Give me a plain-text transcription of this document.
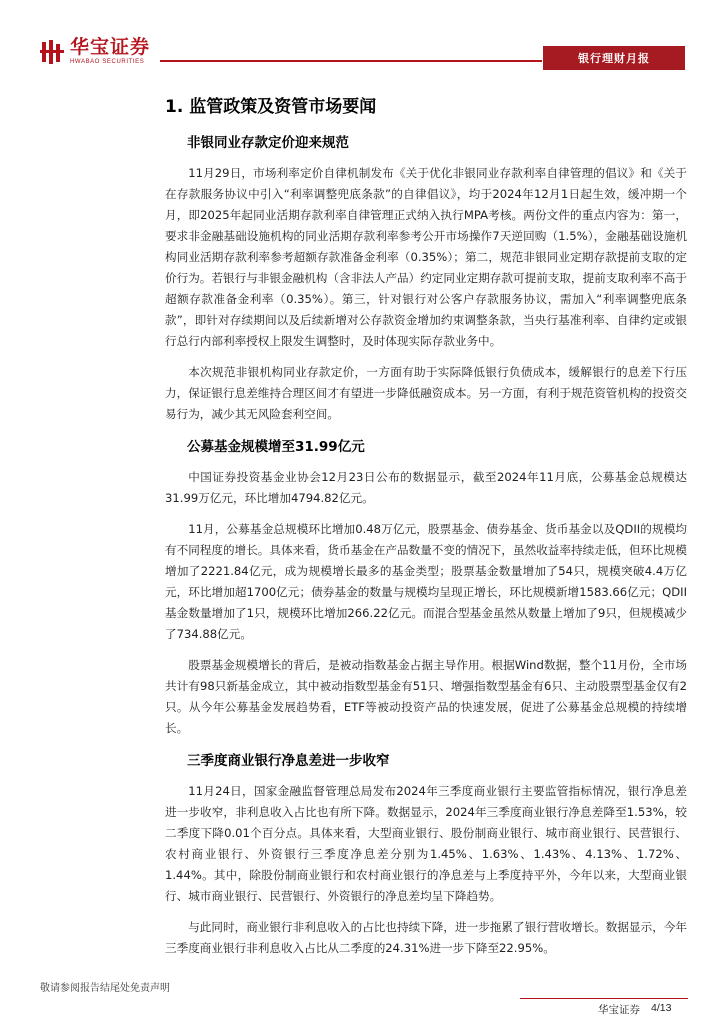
华宝证券
HWABAO SECURITIES	银行理财月报
1. 监管政策及资管市场要闻
非银同业存款定价迎来规范

11月29日，市场利率定价自律机制发布《关于优化非银同业存款利率自律管理的倡议》和《关于在存款服务协议中引入“利率调整兜底条款”的自律倡议》，均于2024年12月1日起生效，缓冲期一个月，即2025年起同业活期存款利率自律管理正式纳入执行MPA考核。两份文件的重点内容为：第一，要求非金融基础设施机构的同业活期存款利率参考公开市场操作7天逆回购（1.5%），金融基础设施机构同业活期存款利率参考超额存款准备金利率（0.35%）；第二，规范非银同业定期存款提前支取的定价行为。若银行与非银金融机构（含非法人产品）约定同业定期存款可提前支取，提前支取利率不高于超额存款准备金利率（0.35%）。第三，针对银行对公客户存款服务协议，需加入“利率调整兜底条款”，即针对存续期间以及后续新增对公存款资金增加约束调整条款，当央行基准利率、自律约定或银行总行内部利率授权上限发生调整时，及时体现实际存款业务中。

本次规范非银机构同业存款定价，一方面有助于实际降低银行负债成本，缓解银行的息差下行压力，保证银行息差维持合理区间才有望进一步降低融资成本。另一方面，有利于规范资管机构的投资交易行为，减少其无风险套利空间。

公募基金规模增至31.99亿元

中国证券投资基金业协会12月23日公布的数据显示，截至2024年11月底，公募基金总规模达31.99万亿元，环比增加4794.82亿元。

11月，公募基金总规模环比增加0.48万亿元，股票基金、债券基金、货币基金以及QDII的规模均有不同程度的增长。具体来看，货币基金在产品数量不变的情况下，虽然收益率持续走低，但环比规模增加了2221.84亿元，成为规模增长最多的基金类型；股票基金数量增加了54只，规模突破4.4万亿元，环比增加超1700亿元；债券基金的数量与规模均呈现正增长，环比规模新增1583.66亿元；QDII基金数量增加了1只，规模环比增加266.22亿元。而混合型基金虽然从数量上增加了9只，但规模减少了734.88亿元。

股票基金规模增长的背后，是被动指数基金占据主导作用。根据Wind数据，整个11月份，全市场共计有98只新基金成立，其中被动指数型基金有51只、增强指数型基金有6只、主动股票型基金仅有2只。从今年公募基金发展趋势看，ETF等被动投资产品的快速发展，促进了公募基金总规模的持续增长。

三季度商业银行净息差进一步收窄

11月24日，国家金融监督管理总局发布2024年三季度商业银行主要监管指标情况，银行净息差进一步收窄，非利息收入占比也有所下降。数据显示，2024年三季度商业银行净息差降至1.53%，较二季度下降0.01个百分点。具体来看，大型商业银行、股份制商业银行、城市商业银行、民营银行、农村商业银行、外资银行三季度净息差分别为1.45%、1.63%、1.43%、4.13%、1.72%、1.44%。其中，除股份制商业银行和农村商业银行的净息差与上季度持平外，今年以来，大型商业银行、城市商业银行、民营银行、外资银行的净息差均呈下降趋势。

与此同时，商业银行非利息收入的占比也持续下降，进一步拖累了银行营收增长。数据显示，今年三季度商业银行非利息收入占比从二季度的24.31%进一步下降至22.95%。

敬请参阅报告结尾处免责声明
华宝证券 4/13
